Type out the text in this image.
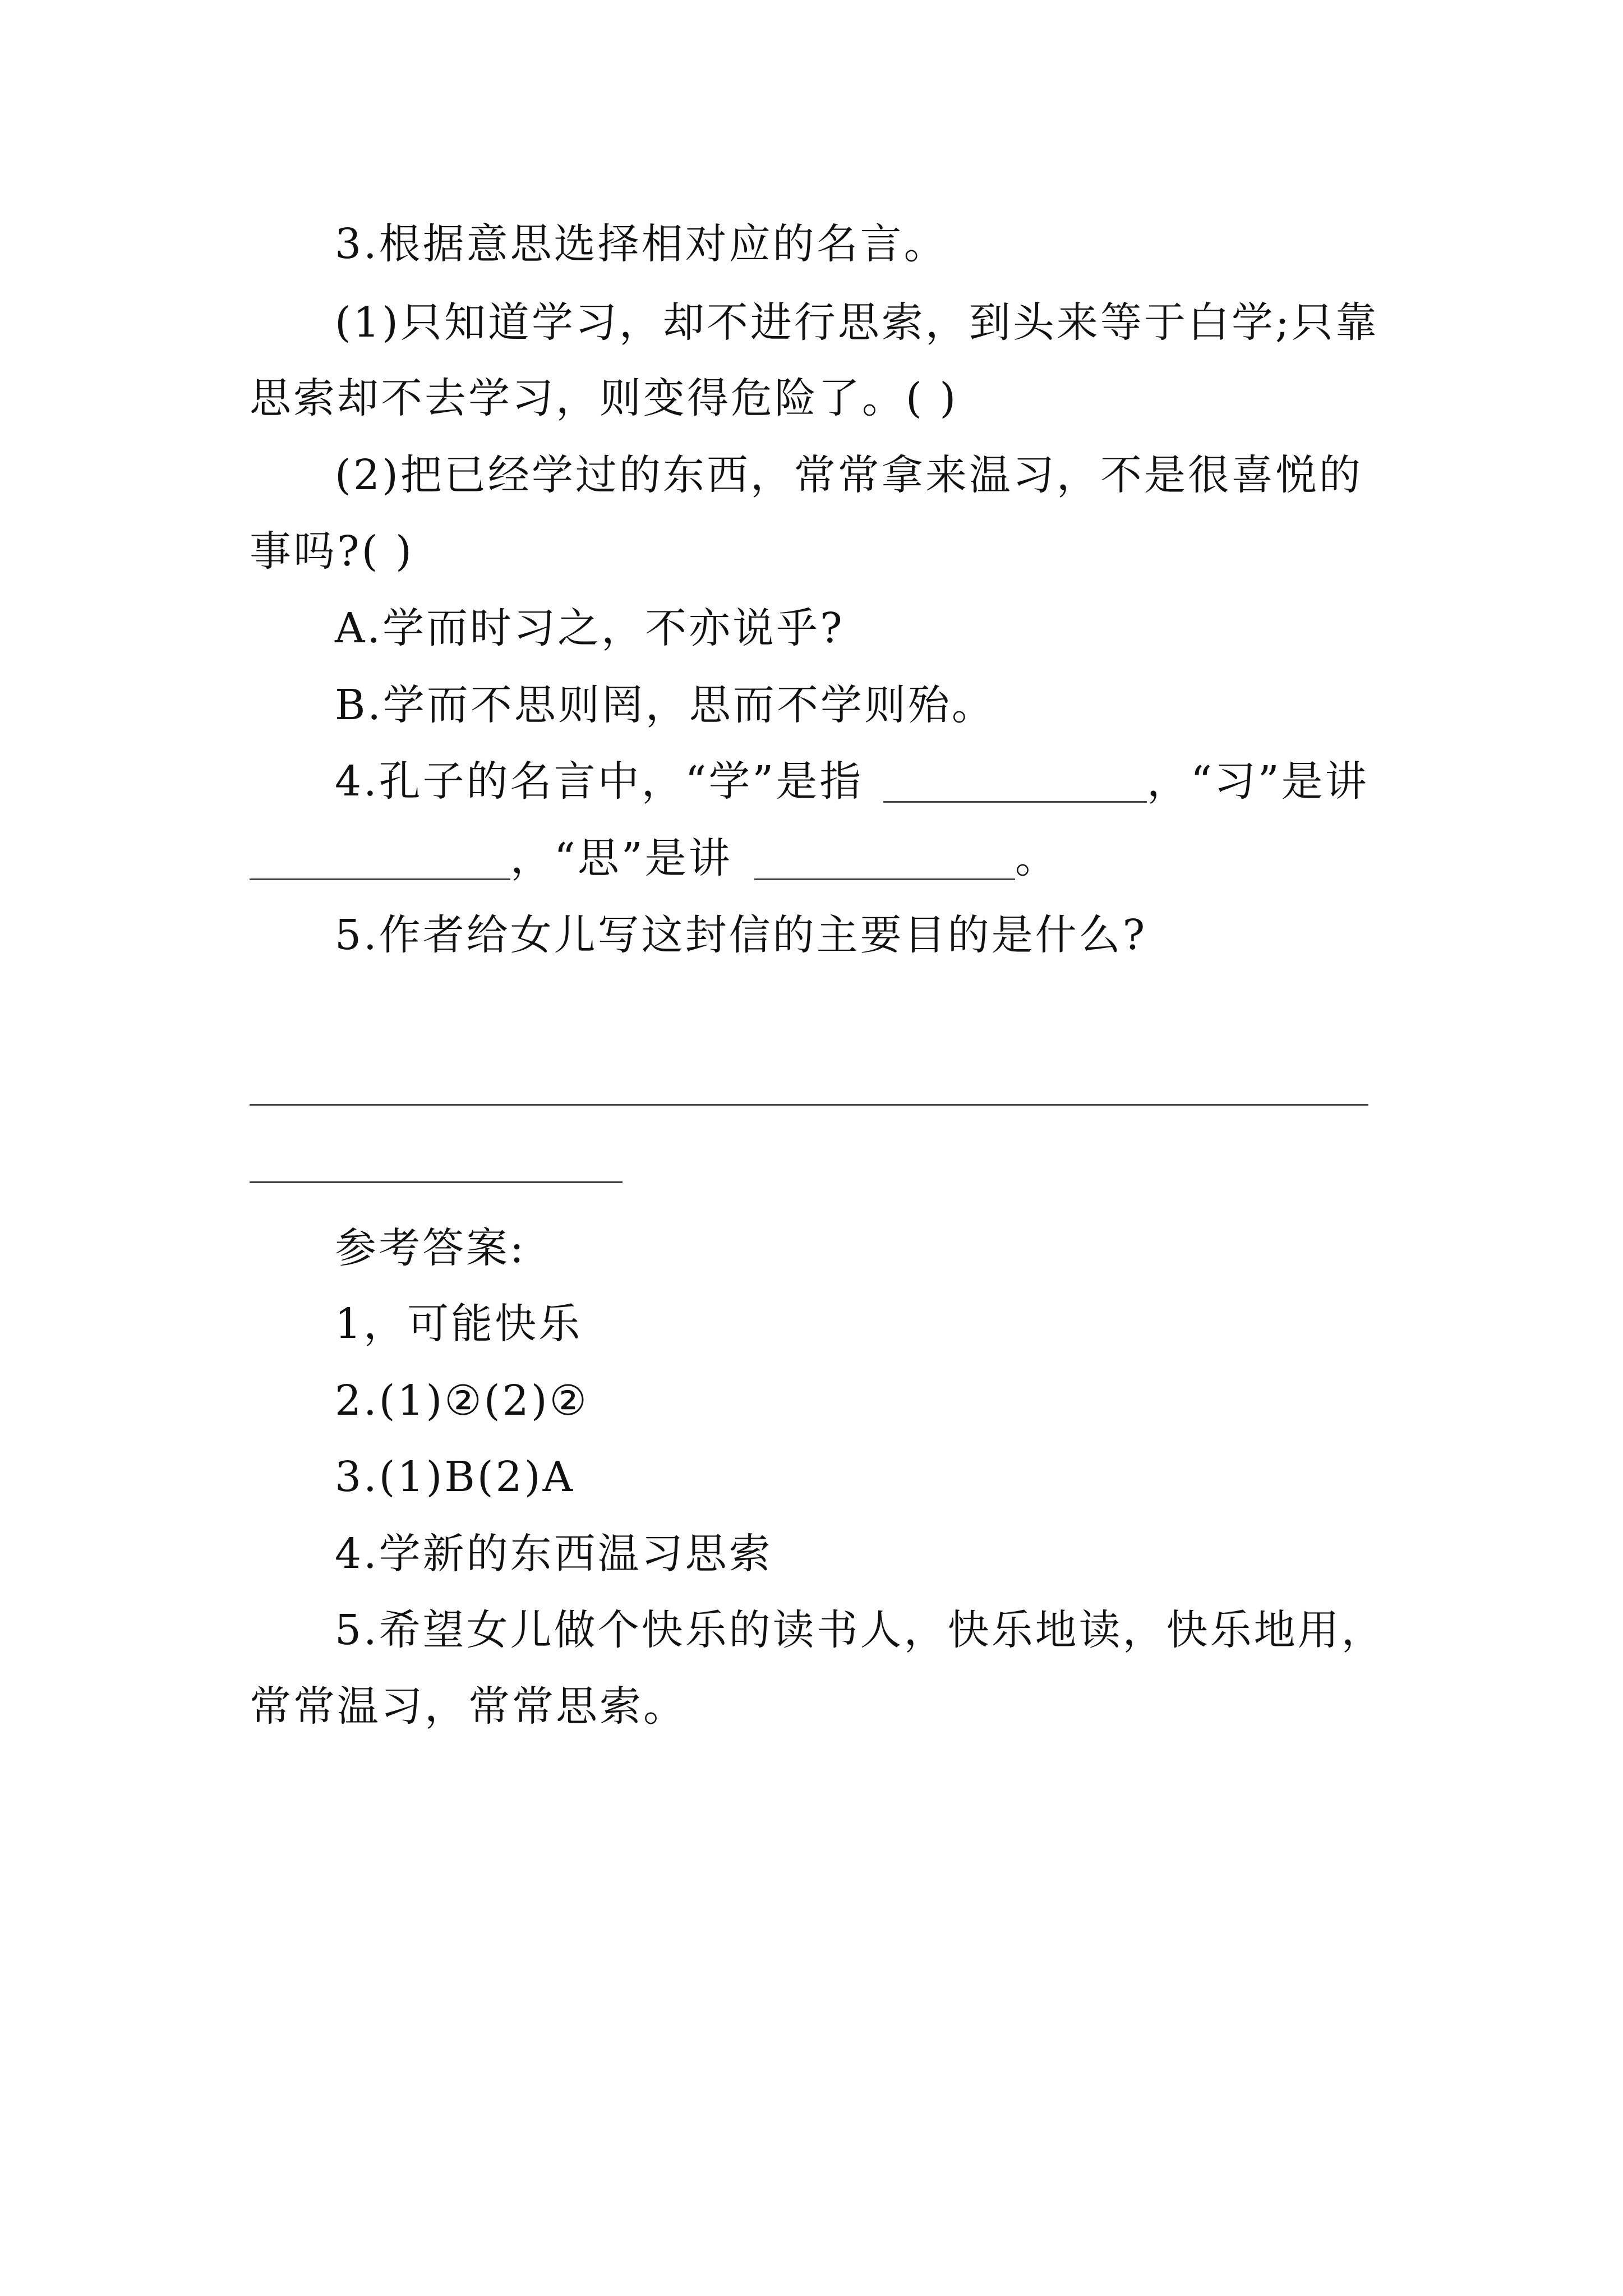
3.根据意思选择相对应的名言。
(1)只知道学习，却不进行思索，到头来等于白学;只靠
思索却不去学习，则变得危险了。( )
(2)把已经学过的东西，常常拿来温习，不是很喜悦的
事吗?( )
A.学而时习之，不亦说乎?
B.学而不思则罔，思而不学则殆。
4.孔子的名言中，“学”是指	，“习”是讲
，“思”是讲	。
5.作者给女儿写这封信的主要目的是什么?
参考答案:
1，可能快乐
2.(1)②(2)②
3.(1)B(2)A
4.学新的东西温习思索
5.希望女儿做个快乐的读书人，快乐地读，快乐地用，
常常温习，常常思索。
